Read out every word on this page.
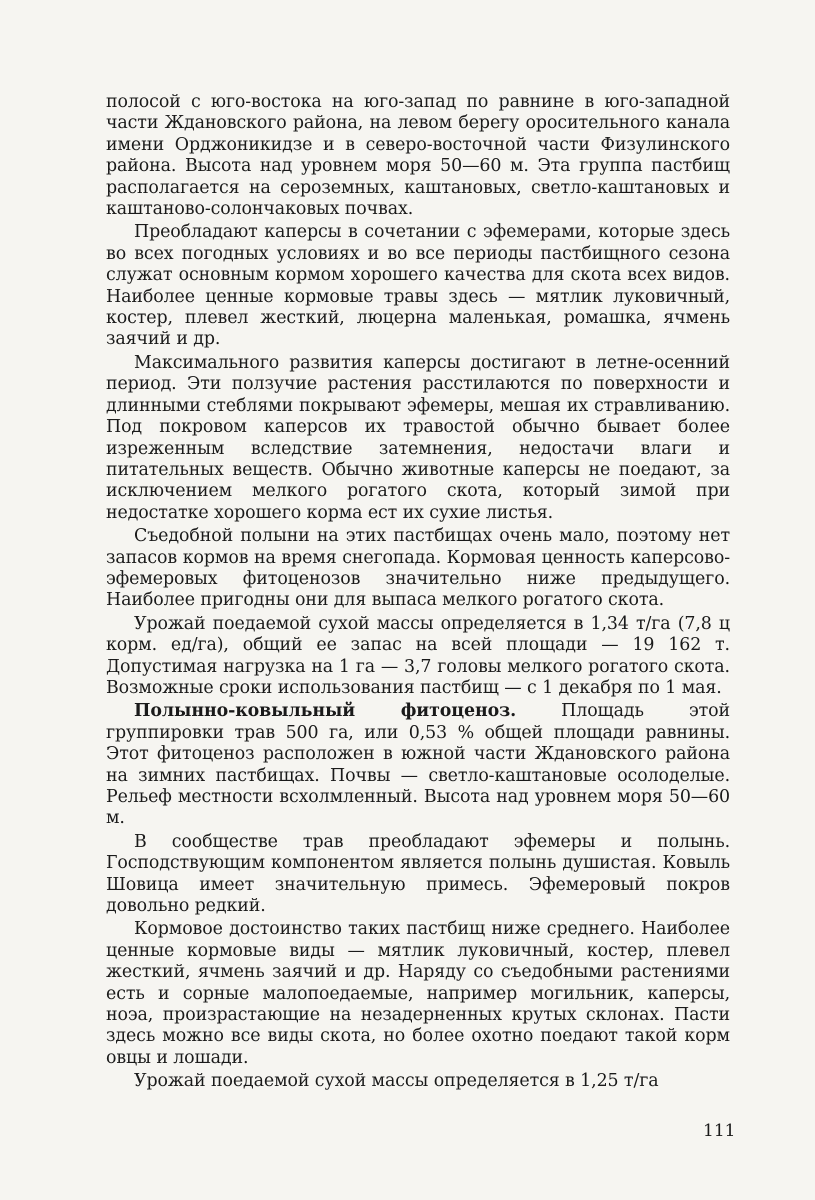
полосой с юго-востока на юго-запад по равнине в юго-западной части Ждановского района, на левом берегу оросительного канала имени Орджоникидзе и в северо-восточной части Физулинского района. Высота над уровнем моря 50—60 м. Эта группа пастбищ располагается на сероземных, каштановых, светло-каштановых и каштаново-солончаковых почвах.

Преобладают каперсы в сочетании с эфемерами, которые здесь во всех погодных условиях и во все периоды пастбищного сезона служат основным кормом хорошего качества для скота всех видов. Наиболее ценные кормовые травы здесь — мятлик луковичный, костер, плевел жесткий, люцерна маленькая, ромашка, ячмень заячий и др.

Максимального развития каперсы достигают в летне-осенний период. Эти ползучие растения расстилаются по поверхности и длинными стеблями покрывают эфемеры, мешая их стравливанию. Под покровом каперсов их травостой обычно бывает более изреженным вследствие затемнения, недостачи влаги и питательных веществ. Обычно животные каперсы не поедают, за исключением мелкого рогатого скота, который зимой при недостатке хорошего корма ест их сухие листья.

Съедобной полыни на этих пастбищах очень мало, поэтому нет запасов кормов на время снегопада. Кормовая ценность каперсово-эфемеровых фитоценозов значительно ниже предыдущего. Наиболее пригодны они для выпаса мелкого рогатого скота.

Урожай поедаемой сухой массы определяется в 1,34 т/га (7,8 ц корм. ед/га), общий ее запас на всей площади — 19 162 т. Допустимая нагрузка на 1 га — 3,7 головы мелкого рогатого скота. Возможные сроки использования пастбищ — с 1 декабря по 1 мая.

Полынно-ковыльный фитоценоз. Площадь этой группировки трав 500 га, или 0,53 % общей площади равнины. Этот фитоценоз расположен в южной части Ждановского района на зимних пастбищах. Почвы — светло-каштановые осолоделые. Рельеф местности всхолмленный. Высота над уровнем моря 50—60 м.

В сообществе трав преобладают эфемеры и полынь. Господствующим компонентом является полынь душистая. Ковыль Шовица имеет значительную примесь. Эфемеровый покров довольно редкий.

Кормовое достоинство таких пастбищ ниже среднего. Наиболее ценные кормовые виды — мятлик луковичный, костер, плевел жесткий, ячмень заячий и др. Наряду со съедобными растениями есть и сорные малопоедаемые, например могильник, каперсы, ноэа, произрастающие на незадерненных крутых склонах. Пасти здесь можно все виды скота, но более охотно поедают такой корм овцы и лошади.

Урожай поедаемой сухой массы определяется в 1,25 т/га

111
